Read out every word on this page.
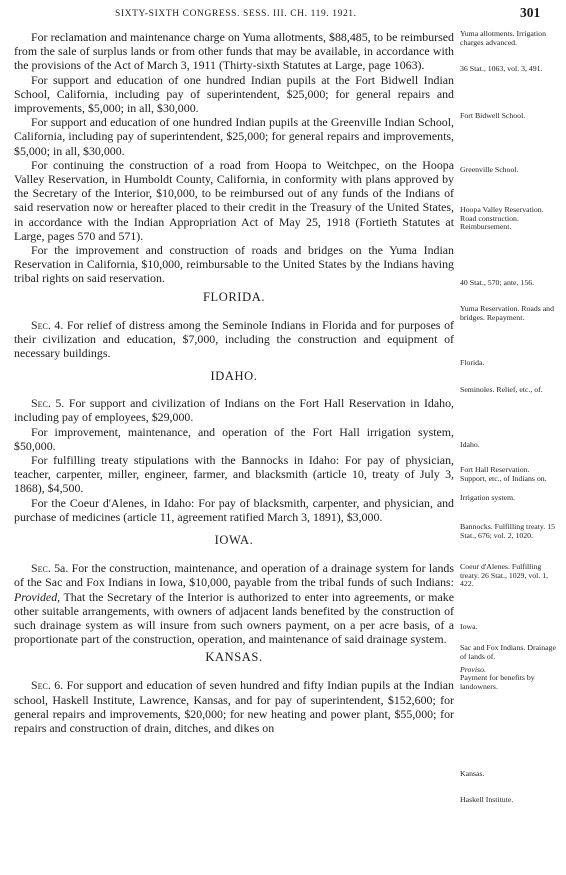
SIXTY-SIXTH CONGRESS. SESS. III. CH. 119. 1921.	301

For reclamation and maintenance charge on Yuma allotments, $88,485, to be reimbursed from the sale of surplus lands or from other funds that may be available, in accordance with the provisions of the Act of March 3, 1911 (Thirty-sixth Statutes at Large, page 1063).

For support and education of one hundred Indian pupils at the Fort Bidwell Indian School, California, including pay of superintendent, $25,000; for general repairs and improvements, $5,000; in all, $30,000.

For support and education of one hundred Indian pupils at the Greenville Indian School, California, including pay of superintendent, $25,000; for general repairs and improvements, $5,000; in all, $30,000.

For continuing the construction of a road from Hoopa to Weitchpec, on the Hoopa Valley Reservation, in Humboldt County, California, in conformity with plans approved by the Secretary of the Interior, $10,000, to be reimbursed out of any funds of the Indians of said reservation now or hereafter placed to their credit in the Treasury of the United States, in accordance with the Indian Appropriation Act of May 25, 1918 (Fortieth Statutes at Large, pages 570 and 571).

For the improvement and construction of roads and bridges on the Yuma Indian Reservation in California, $10,000, reimbursable to the United States by the Indians having tribal rights on said reservation.

FLORIDA.

Sec. 4. For relief of distress among the Seminole Indians in Florida and for purposes of their civilization and education, $7,000, including the construction and equipment of necessary buildings.

IDAHO.

Sec. 5. For support and civilization of Indians on the Fort Hall Reservation in Idaho, including pay of employees, $29,000.

For improvement, maintenance, and operation of the Fort Hall irrigation system, $50,000.

For fulfilling treaty stipulations with the Bannocks in Idaho: For pay of physician, teacher, carpenter, miller, engineer, farmer, and blacksmith (article 10, treaty of July 3, 1868), $4,500.

For the Coeur d'Alenes, in Idaho: For pay of blacksmith, carpenter, and physician, and purchase of medicines (article 11, agreement ratified March 3, 1891), $3,000.

IOWA.

Sec. 5a. For the construction, maintenance, and operation of a drainage system for lands of the Sac and Fox Indians in Iowa, $10,000, payable from the tribal funds of such Indians: Provided, That the Secretary of the Interior is authorized to enter into agreements, or make other suitable arrangements, with owners of adjacent lands benefited by the construction of such drainage system as will insure from such owners payment, on a per acre basis, of a proportionate part of the construction, operation, and maintenance of said drainage system.

KANSAS.

Sec. 6. For support and education of seven hundred and fifty Indian pupils at the Indian school, Haskell Institute, Lawrence, Kansas, and for pay of superintendent, $152,600; for general repairs and improvements, $20,000; for new heating and power plant, $55,000; for repairs and construction of drain, ditches, and dikes on

Yuma allotments. Irrigation charges advanced.

36 Stat., 1063, vol. 3, 491.

Fort Bidwell School.

Greenville School.

Hoopa Valley Reservation. Road construction. Reimbursement.

40 Stat., 570; ante, 156.

Yuma Reservation. Roads and bridges. Repayment.

Florida.

Seminoles. Relief, etc., of.

Idaho.

Fort Hall Reservation. Support, etc., of Indians on.

Irrigation system.

Bannocks. Fulfilling treaty. 15 Stat., 676; vol. 2, 1020.

Coeur d'Alenes. Fulfilling treaty. 26 Stat., 1029, vol. 1, 422.

Iowa.

Sac and Fox Indians. Drainage of lands of.

Proviso.

Payment for benefits by landowners.

Kansas.

Haskell Institute.
